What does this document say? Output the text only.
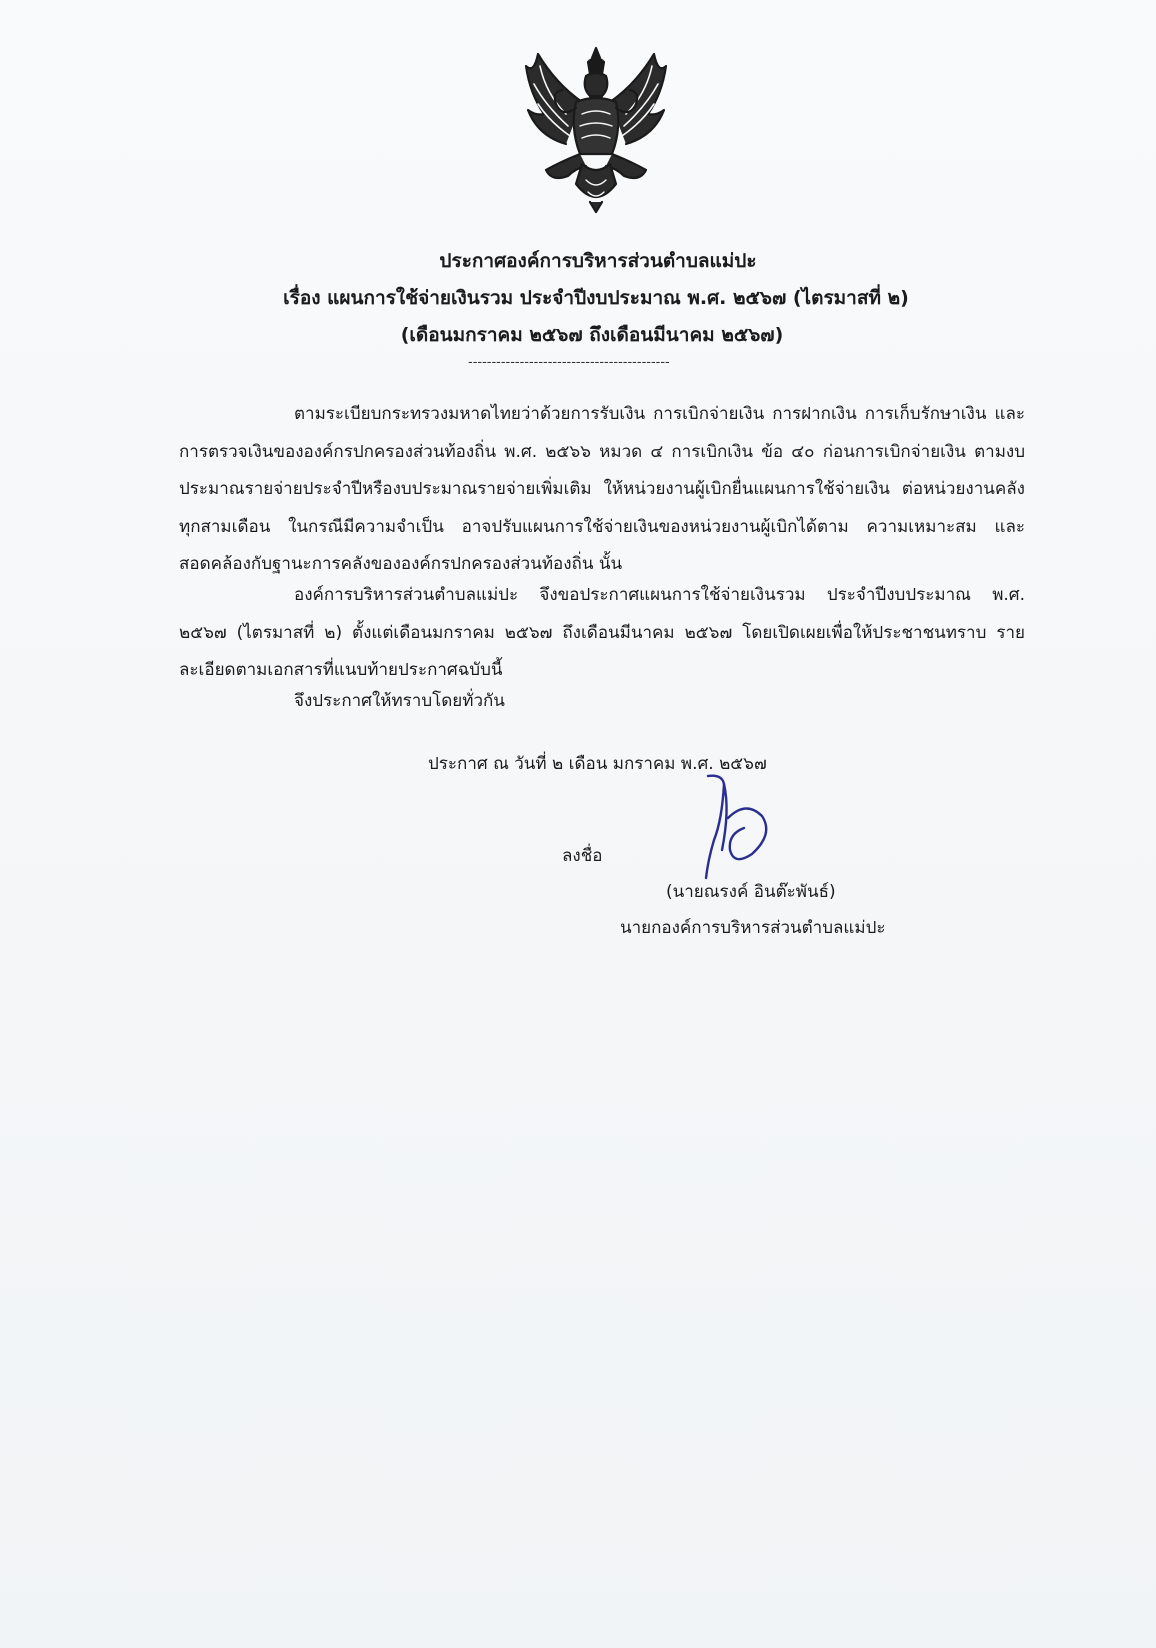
ประกาศองค์การบริหารส่วนตำบลแม่ปะ
เรื่อง แผนการใช้จ่ายเงินรวม ประจำปีงบประมาณ พ.ศ. ๒๕๖๗ (ไตรมาสที่ ๒)
(เดือนมกราคม ๒๕๖๗ ถึงเดือนมีนาคม ๒๕๖๗)
-------------------------------------------
ตามระเบียบกระทรวงมหาดไทยว่าด้วยการรับเงิน การเบิกจ่ายเงิน การฝากเงิน การเก็บรักษาเงิน และการตรวจเงินขององค์กรปกครองส่วนท้องถิ่น พ.ศ. ๒๕๖๖ หมวด ๔ การเบิกเงิน ข้อ ๔๐ ก่อนการเบิกจ่ายเงิน ตามงบประมาณรายจ่ายประจำปีหรืองบประมาณรายจ่ายเพิ่มเติม ให้หน่วยงานผู้เบิกยื่นแผนการใช้จ่ายเงิน ต่อหน่วยงานคลังทุกสามเดือน ในกรณีมีความจำเป็น อาจปรับแผนการใช้จ่ายเงินของหน่วยงานผู้เบิกได้ตาม ความเหมาะสม และสอดคล้องกับฐานะการคลังขององค์กรปกครองส่วนท้องถิ่น นั้น
องค์การบริหารส่วนตำบลแม่ปะ จึงขอประกาศแผนการใช้จ่ายเงินรวม ประจำปีงบประมาณ พ.ศ. ๒๕๖๗ (ไตรมาสที่ ๒) ตั้งแต่เดือนมกราคม ๒๕๖๗ ถึงเดือนมีนาคม ๒๕๖๗ โดยเปิดเผยเพื่อให้ประชาชนทราบ รายละเอียดตามเอกสารที่แนบท้ายประกาศฉบับนี้
จึงประกาศให้ทราบโดยทั่วกัน
ประกาศ ณ วันที่ ๒ เดือน มกราคม พ.ศ. ๒๕๖๗
ลงชื่อ
(นายณรงค์ อินต๊ะพันธ์)
นายกองค์การบริหารส่วนตำบลแม่ปะ
